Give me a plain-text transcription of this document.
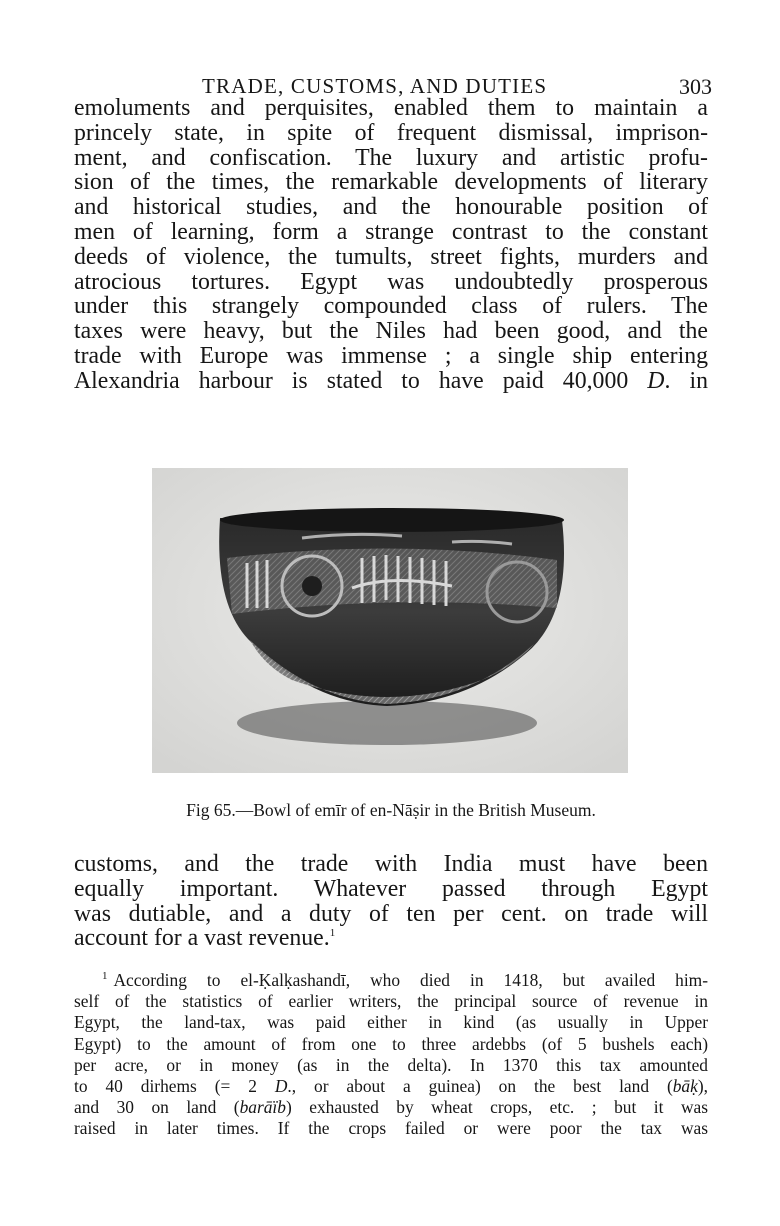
TRADE, CUSTOMS, AND DUTIES	303
emoluments and perquisites, enabled them to maintain a
princely state, in spite of frequent dismissal, imprison-
ment, and confiscation. The luxury and artistic profu-
sion of the times, the remarkable developments of literary
and historical studies, and the honourable position of
men of learning, form a strange contrast to the constant
deeds of violence, the tumults, street fights, murders and
atrocious tortures. Egypt was undoubtedly prosperous
under this strangely compounded class of rulers. The
taxes were heavy, but the Niles had been good, and the
trade with Europe was immense ; a single ship entering
Alexandria harbour is stated to have paid 40,000 D. in
Fig 65.—Bowl of emīr of en-Nāṣir in the British Museum.
customs, and the trade with India must have been
equally important. Whatever passed through Egypt
was dutiable, and a duty of ten per cent. on trade will
account for a vast revenue.$^1$
$^1$ According to el-Ḳalḳashandī, who died in 1418, but availed him-
self of the statistics of earlier writers, the principal source of revenue in
Egypt, the land-tax, was paid either in kind (as usually in Upper
Egypt) to the amount of from one to three ardebbs (of 5 bushels each)
per acre, or in money (as in the delta). In 1370 this tax amounted
to 40 dirhems (= 2 D., or about a guinea) on the best land (bāḳ),
and 30 on land (barāïb) exhausted by wheat crops, etc. ; but it was
raised in later times. If the crops failed or were poor the tax was
